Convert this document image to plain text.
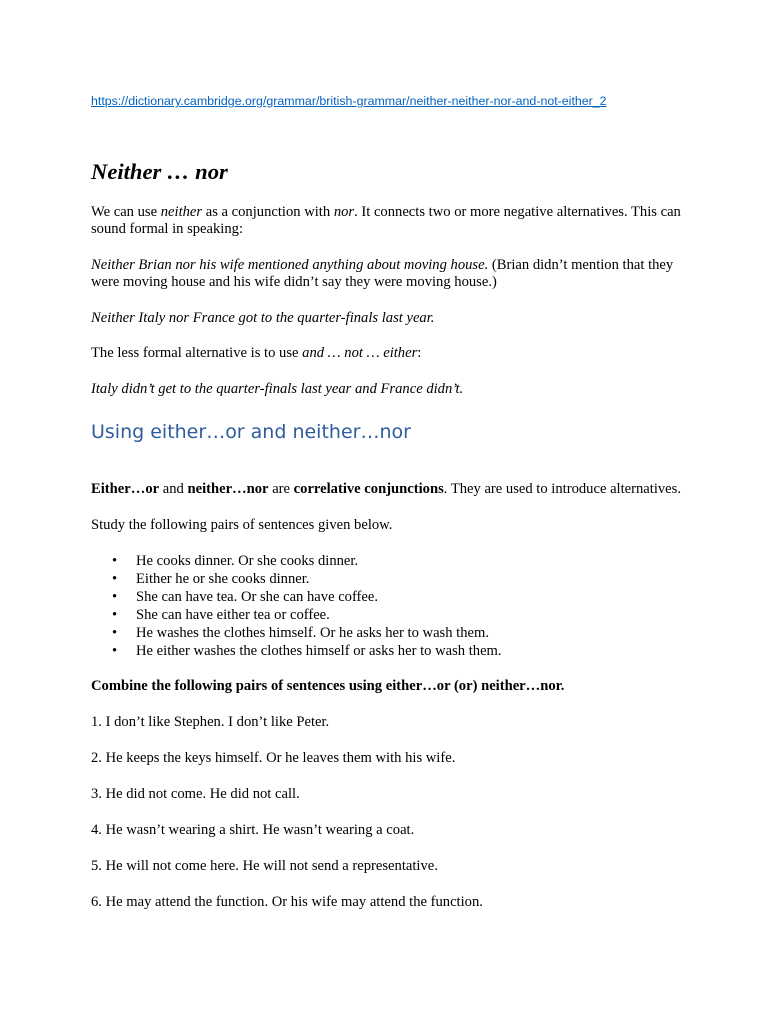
https://dictionary.cambridge.org/grammar/british-grammar/neither-neither-nor-and-not-either_2
Neither … nor

We can use neither as a conjunction with nor. It connects two or more negative alternatives. This can sound formal in speaking:

Neither Brian nor his wife mentioned anything about moving house. (Brian didn’t mention that they were moving house and his wife didn’t say they were moving house.)

Neither Italy nor France got to the quarter-finals last year.

The less formal alternative is to use and … not … either:

Italy didn’t get to the quarter-finals last year and France didn’t.

Using either…or and neither…nor

Either…or and neither…nor are correlative conjunctions. They are used to introduce alternatives.

Study the following pairs of sentences given below.

• He cooks dinner. Or she cooks dinner.
• Either he or she cooks dinner.
• She can have tea. Or she can have coffee.
• She can have either tea or coffee.
• He washes the clothes himself. Or he asks her to wash them.
• He either washes the clothes himself or asks her to wash them.

Combine the following pairs of sentences using either…or (or) neither…nor.

1. I don’t like Stephen. I don’t like Peter.

2. He keeps the keys himself. Or he leaves them with his wife.

3. He did not come. He did not call.

4. He wasn’t wearing a shirt. He wasn’t wearing a coat.

5. He will not come here. He will not send a representative.

6. He may attend the function. Or his wife may attend the function.
